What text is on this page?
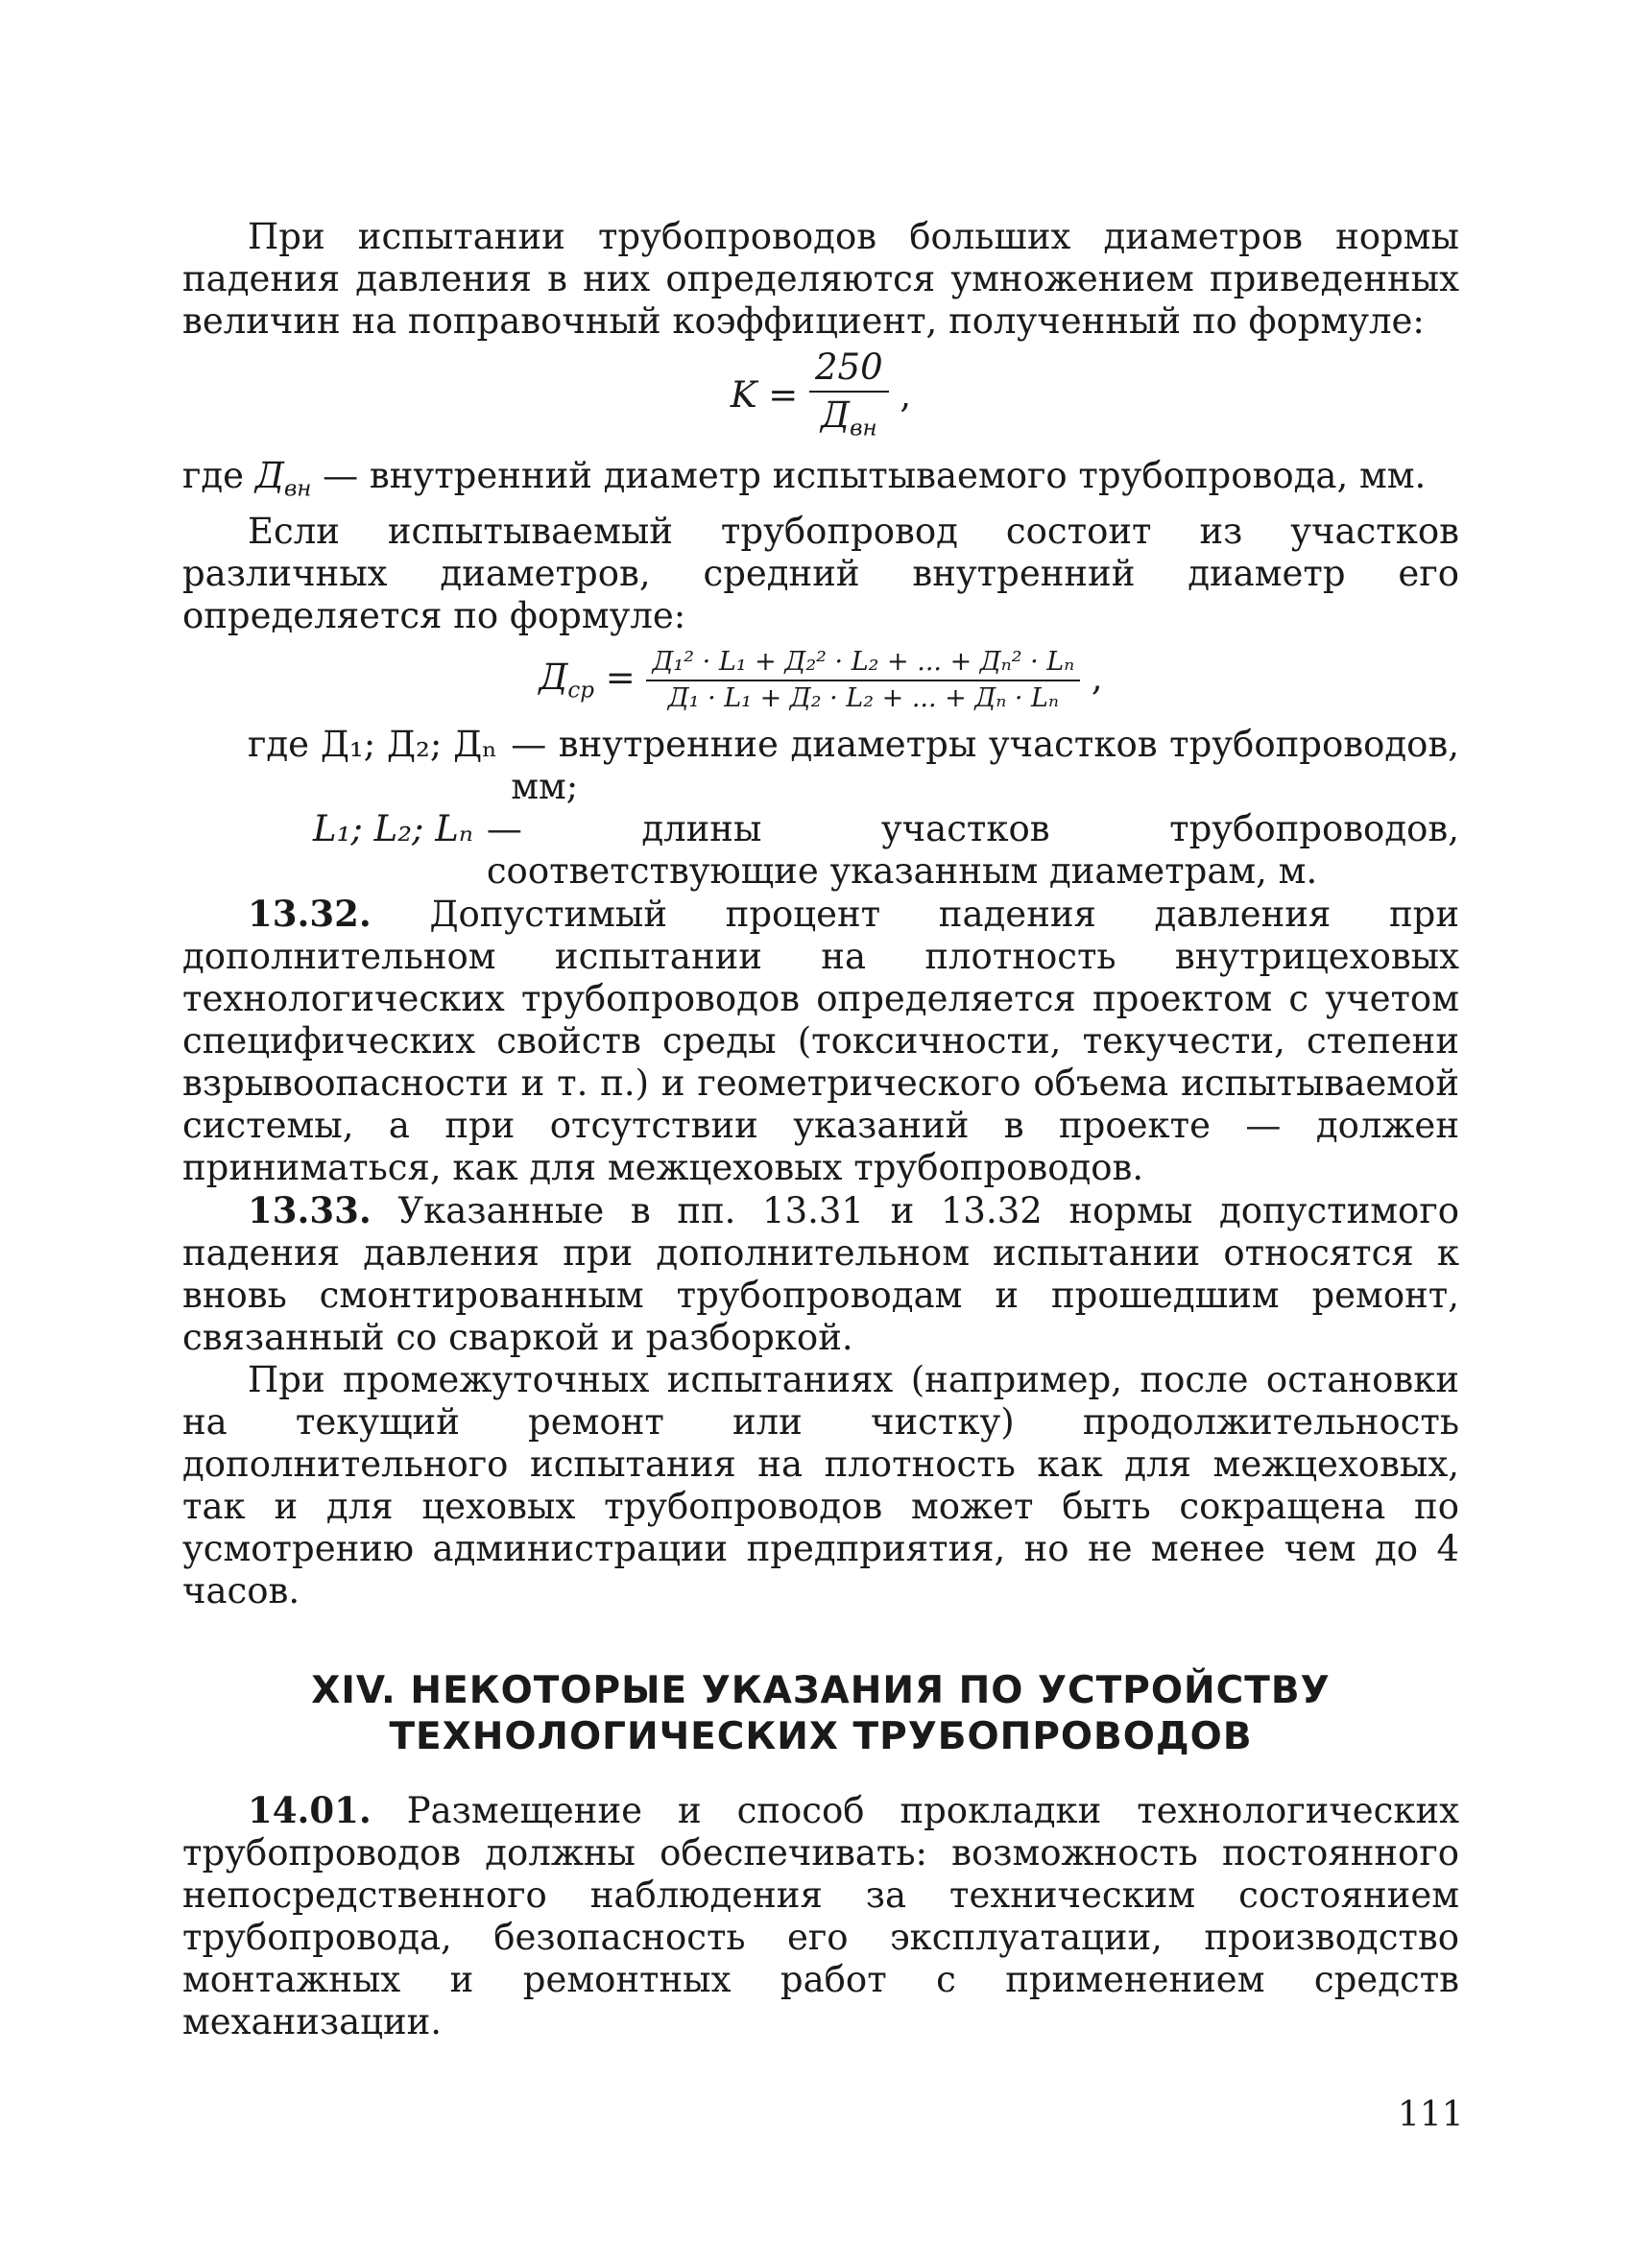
При испытании трубопроводов больших диаметров нормы падения давления в них определяются умножением приведенных величин на поправочный коэффициент, полученный по формуле:

$K = \frac{250}{Д_{вн}}$ ,

где $Д_{вн}$ — внутренний диаметр испытываемого трубопровода, мм.

Если испытываемый трубопровод состоит из участков различных диаметров, средний внутренний диаметр его определяется по формуле:

$Д_{ср} = \frac{\text{Д₁² · L₁ + Д₂² · L₂ + ... + Дₙ² · Lₙ}}{\text{Д₁ · L₁ + Д₂ · L₂ + ... + Дₙ · Lₙ}}$ ,
где Д₁; Д₂; Дₙ — внутренние диаметры участков трубопроводов, мм;
L₁; L₂; Lₙ — длины участков трубопроводов, соответствующие указанным диаметрам, м.

13.32. Допустимый процент падения давления при дополнительном испытании на плотность внутрицеховых технологических трубопроводов определяется проектом с учетом специфических свойств среды (токсичности, текучести, степени взрывоопасности и т. п.) и геометрического объема испытываемой системы, а при отсутствии указаний в проекте — должен приниматься, как для межцеховых трубопроводов.

13.33. Указанные в пп. 13.31 и 13.32 нормы допустимого падения давления при дополнительном испытании относятся к вновь смонтированным трубопроводам и прошедшим ремонт, связанный со сваркой и разборкой.

При промежуточных испытаниях (например, после остановки на текущий ремонт или чистку) продолжительность дополнительного испытания на плотность как для межцеховых, так и для цеховых трубопроводов может быть сокращена по усмотрению администрации предприятия, но не менее чем до 4 часов.

XIV. НЕКОТОРЫЕ УКАЗАНИЯ ПО УСТРОЙСТВУ
ТЕХНОЛОГИЧЕСКИХ ТРУБОПРОВОДОВ

14.01. Размещение и способ прокладки технологических трубопроводов должны обеспечивать: возможность постоянного непосредственного наблюдения за техническим состоянием трубопровода, безопасность его эксплуатации, производство монтажных и ремонтных работ с применением средств механизации.

111
